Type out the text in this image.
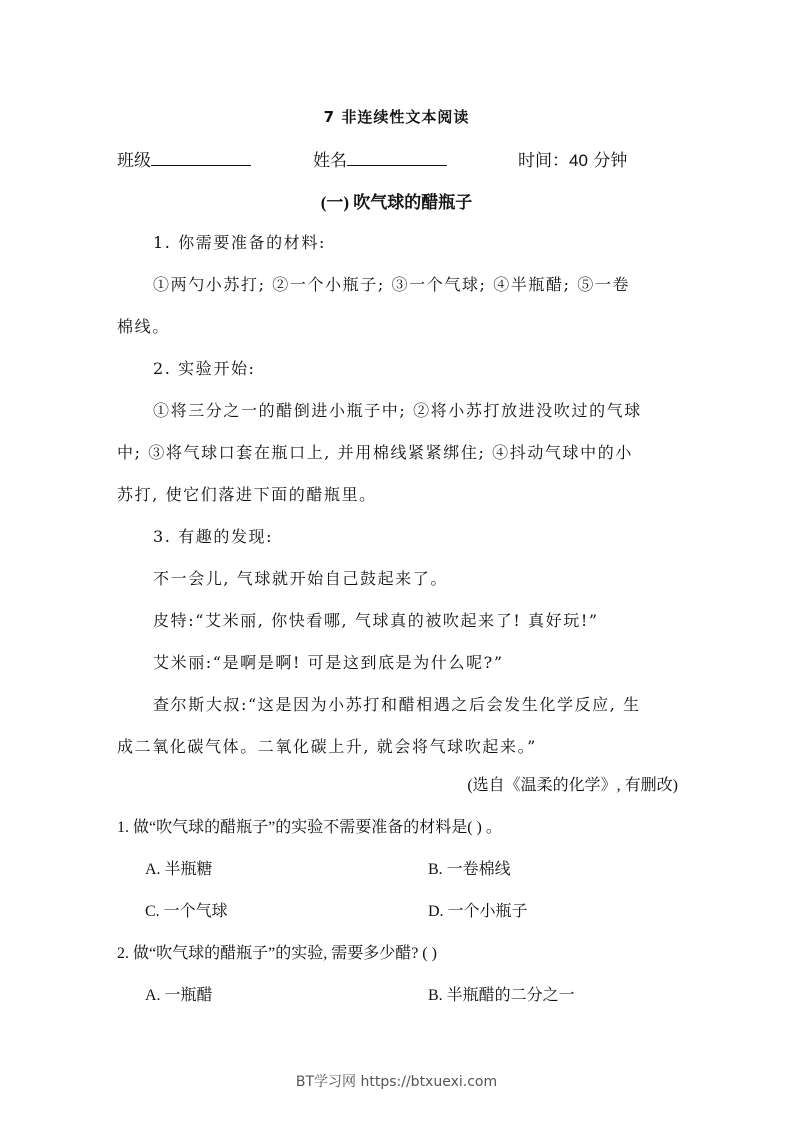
7 非连续性文本阅读
班级	姓名	时间：40 分钟
(一) 吹气球的醋瓶子
1. 你需要准备的材料:
①两勺小苏打; ②一个小瓶子; ③一个气球; ④半瓶醋; ⑤一卷
棉线。
2. 实验开始:
①将三分之一的醋倒进小瓶子中; ②将小苏打放进没吹过的气球
中; ③将气球口套在瓶口上, 并用棉线紧紧绑住; ④抖动气球中的小
苏打, 使它们落进下面的醋瓶里。
3. 有趣的发现:
不一会儿, 气球就开始自己鼓起来了。
皮特:“艾米丽, 你快看哪, 气球真的被吹起来了! 真好玩!”
艾米丽:“是啊是啊! 可是这到底是为什么呢?”
查尔斯大叔:“这是因为小苏打和醋相遇之后会发生化学反应, 生
成二氧化碳气体。二氧化碳上升, 就会将气球吹起来。”
(选自《温柔的化学》, 有删改)
1. 做“吹气球的醋瓶子”的实验不需要准备的材料是( ) 。
A. 半瓶糖	B. 一卷棉线
C. 一个气球	D. 一个小瓶子
2. 做“吹气球的醋瓶子”的实验, 需要多少醋? ( )
A. 一瓶醋	B. 半瓶醋的二分之一
BT学习网 https://btxuexi.com
